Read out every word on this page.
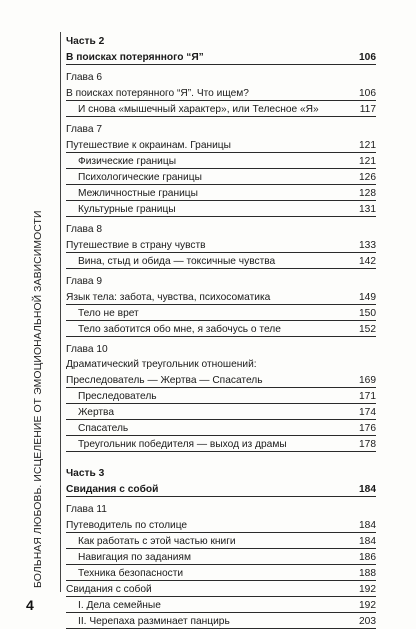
БОЛЬНАЯ ЛЮБОВЬ. ИСЦЕЛЕНИЕ ОТ ЭМОЦИОНАЛЬНОЙ ЗАВИСИМОСТИ
4
Часть 2
В поисках потерянного “Я”	106
Глава 6
В поисках потерянного “Я”. Что ищем?	106
И снова «мышечный характер», или Телесное «Я»	117
Глава 7
Путешествие к окраинам. Границы	121
Физические границы	121
Психологические границы	126
Межличностные границы	128
Культурные границы	131
Глава 8
Путешествие в страну чувств	133
Вина, стыд и обида — токсичные чувства	142
Глава 9
Язык тела: забота, чувства, психосоматика	149
Тело не врет	150
Тело заботится обо мне, я забочусь о теле	152
Глава 10
Драматический треугольник отношений:
Преследователь — Жертва — Спасатель	169
Преследователь	171
Жертва	174
Спасатель	176
Треугольник победителя — выход из драмы	178
Часть 3
Свидания с собой	184
Глава 11
Путеводитель по столице	184
Как работать с этой частью книги	184
Навигация по заданиям	186
Техника безопасности	188
Свидания с собой	192
I. Дела семейные	192
II. Черепаха разминает панцирь	203
